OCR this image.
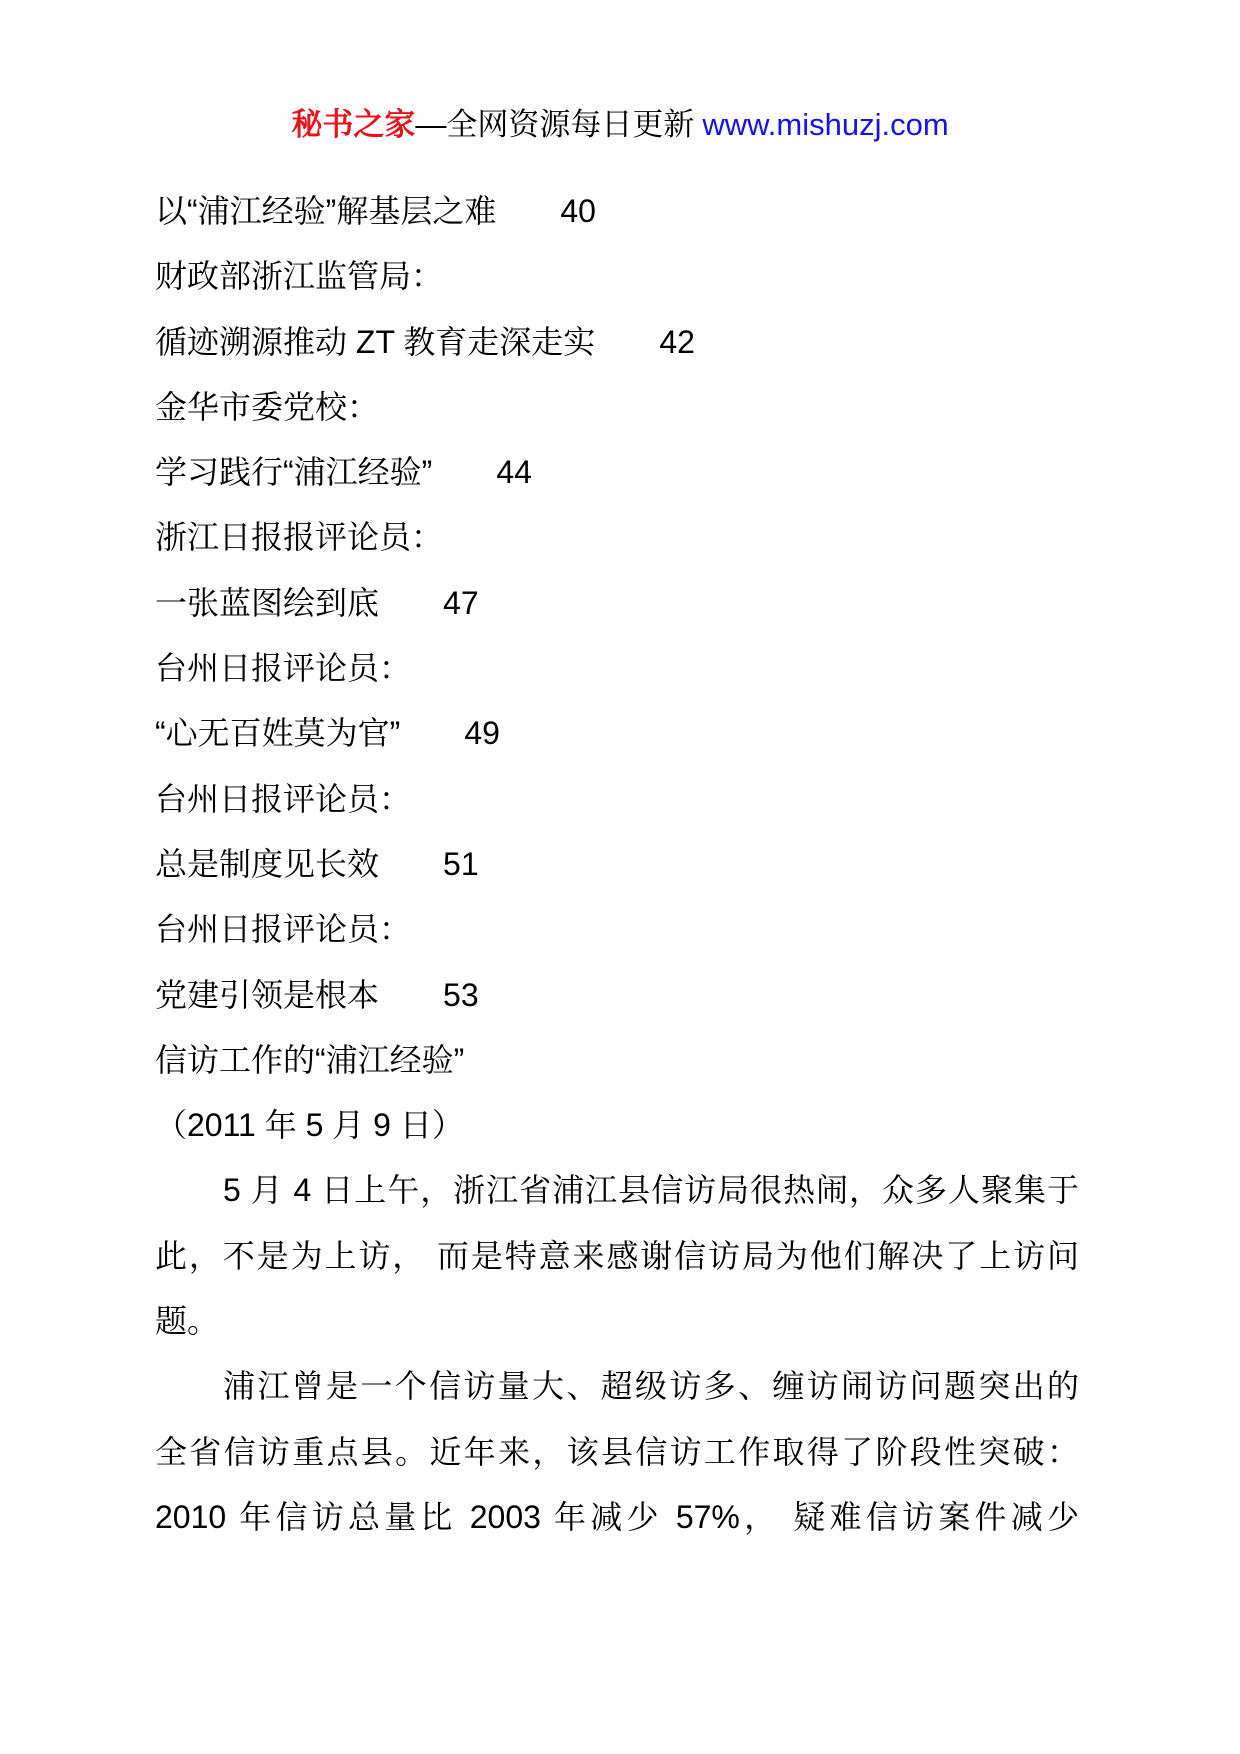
秘书之家—全网资源每日更新 www.mishuzj.com
以“浦江经验”解基层之难 40
财政部浙江监管局：
循迹溯源推动 ZT 教育走深走实 42
金华市委党校：
学习践行“浦江经验” 44
浙江日报报评论员：
一张蓝图绘到底 47
台州日报评论员：
“心无百姓莫为官” 49
台州日报评论员：
总是制度见长效 51
台州日报评论员：
党建引领是根本 53
信访工作的“浦江经验”
（2011 年 5 月 9 日）
5 月 4 日上午，浙江省浦江县信访局很热闹，众多人聚集于
此，不是为上访， 而是特意来感谢信访局为他们解决了上访问
题。
浦江曾是一个信访量大、超级访多、缠访闹访问题突出的
全省信访重点县。近年来，该县信访工作取得了阶段性突破：
2010 年信访总量比 2003 年减少 57%， 疑难信访案件减少
